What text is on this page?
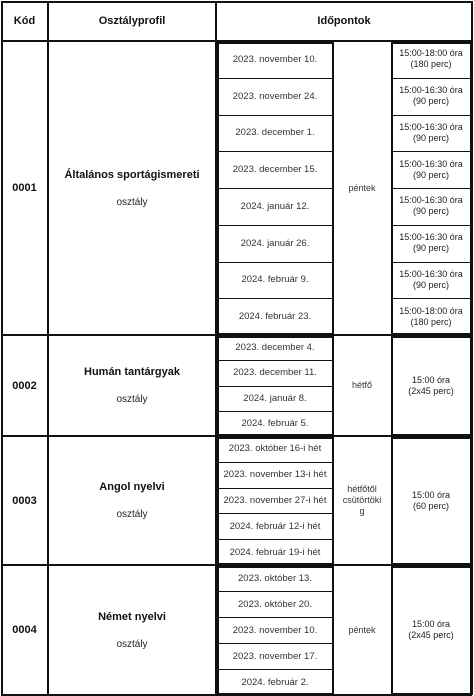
Kód	Osztályprofil	Időpontok
0001
Általános sportágismereti
osztály
2023. november 10.
2023. november 24.
2023. december 1.
2023. december 15.
2024. január 12.
2024. január 26.
2024. február 9.
2024. február 23.
péntek
15:00-18:00 óra
(180 perc)
15:00-16:30 óra
(90 perc)
15:00-16:30 óra
(90 perc)
15:00-16:30 óra
(90 perc)
15:00-16:30 óra
(90 perc)
15:00-16:30 óra
(90 perc)
15:00-16:30 óra
(90 perc)
15:00-18:00 óra
(180 perc)
0002
Humán tantárgyak
osztály
2023. december 4.
2023. december 11.
2024. január 8.
2024. február 5.
hétfő
15:00 óra
(2x45 perc)
0003
Angol nyelvi
osztály
2023. október 16-i hét
2023. november 13-i hét
2023. november 27-i hét
2024. február 12-i hét
2024. február 19-i hét
hétfőtől
csütörtöki
g
15:00 óra
(60 perc)
0004
Német nyelvi
osztály
2023. október 13.
2023. október 20.
2023. november 10.
2023. november 17.
2024. február 2.
péntek
15:00 óra
(2x45 perc)
